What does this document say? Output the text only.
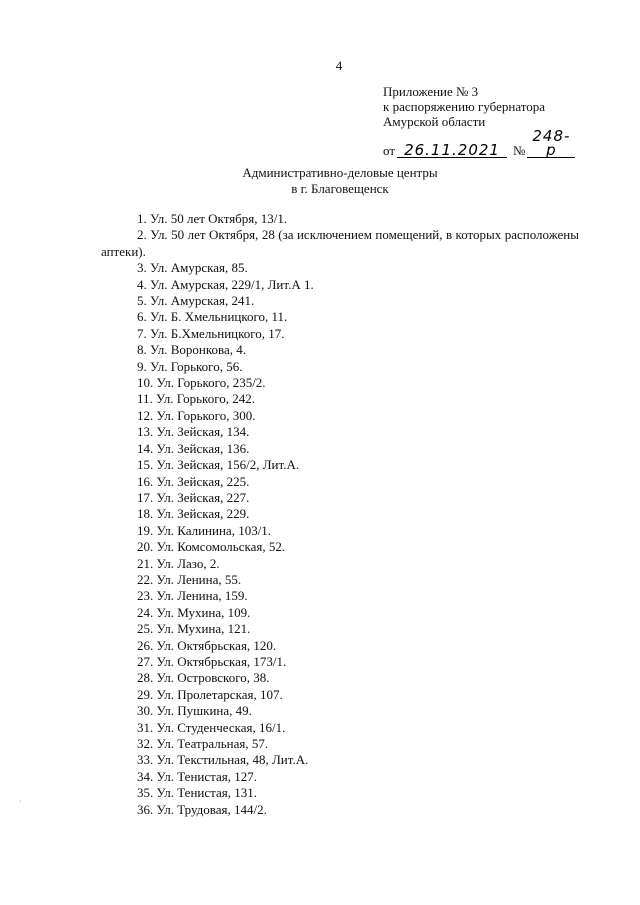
4
Приложение № 3
к распоряжению губернатора
Амурской области
от 26.11.2021	№
248-р
Административно-деловые центры
в г. Благовещенск
1. Ул. 50 лет Октября, 13/1.
2. Ул. 50 лет Октября, 28 (за исключением помещений, в которых расположены аптеки).
3. Ул. Амурская, 85.
4. Ул. Амурская, 229/1, Лит.А 1.
5. Ул. Амурская, 241.
6. Ул. Б. Хмельницкого, 11.
7. Ул. Б.Хмельницкого, 17.
8. Ул. Воронкова, 4.
9. Ул. Горького, 56.
10. Ул. Горького, 235/2.
11. Ул. Горького, 242.
12. Ул. Горького, 300.
13. Ул. Зейская, 134.
14. Ул. Зейская, 136.
15. Ул. Зейская, 156/2, Лит.А.
16. Ул. Зейская, 225.
17. Ул. Зейская, 227.
18. Ул. Зейская, 229.
19. Ул. Калинина, 103/1.
20. Ул. Комсомольская, 52.
21. Ул. Лазо, 2.
22. Ул. Ленина, 55.
23. Ул. Ленина, 159.
24. Ул. Мухина, 109.
25. Ул. Мухина, 121.
26. Ул. Октябрьская, 120.
27. Ул. Октябрьская, 173/1.
28. Ул. Островского, 38.
29. Ул. Пролетарская, 107.
30. Ул. Пушкина, 49.
31. Ул. Студенческая, 16/1.
32. Ул. Театральная, 57.
33. Ул. Текстильная, 48, Лит.А.
34. Ул. Тенистая, 127.
35. Ул. Тенистая, 131.
36. Ул. Трудовая, 144/2.
·
